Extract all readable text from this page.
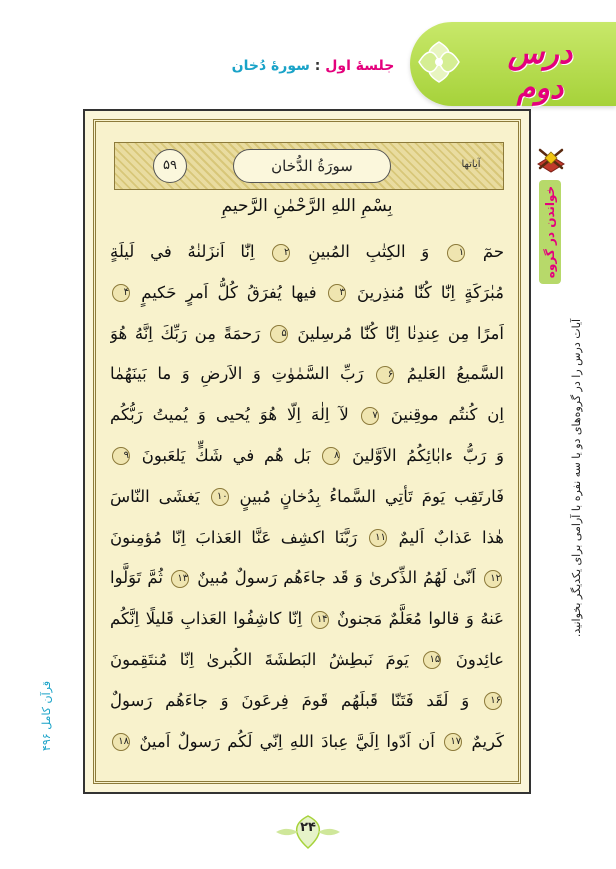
درس دوم
جلسهٔ اول : سورهٔ دُخان
۵۹	سورَةُ الدُّخان	آیاتها
بِسْمِ اللهِ الرَّحْمٰنِ الرَّحيمِ
حمٓ ۱ وَ الكِتٰبِ المُبينِ ۲ اِنّٰا اَنزَلنٰهُ في لَيلَةٍ
مُبٰرَكَةٍ اِنّٰا كُنّٰا مُنذِرينَ ۳ فيها يُفرَقُ كُلُّ اَمرٍ حَكيمٍ ۴
اَمرًا مِن عِندِنٰا اِنّٰا كُنّٰا مُرسِلينَ ۵ رَحمَةً مِن رَبِّكَ اِنَّهُ هُوَ
السَّميعُ العَليمُ ۶ رَبِّ السَّمٰوٰتِ وَ الاَرضِ وَ ما بَينَهُمٰا
اِن كُنتُم موقِنينَ ۷ لآ اِلٰهَ اِلّا هُوَ يُحيى وَ يُميتُ رَبُّكُم
وَ رَبُّ ءابٰائِكُمُ الاَوَّلينَ ۸ بَل هُم في شَكٍّ يَلعَبونَ ۹
فَارتَقِب يَومَ تَأتِي السَّماءُ بِدُخانٍ مُبينٍ ۱۰ يَغشَى النّاسَ
هٰذا عَذابٌ اَليمٌ ۱۱ رَبَّنَا اكشِف عَنَّا العَذابَ اِنّا مُؤمِنونَ
۱۲ اَنّىٰ لَهُمُ الذِّكرىٰ وَ قَد جاءَهُم رَسولٌ مُبينٌ ۱۳ ثُمَّ تَوَلَّوا
عَنهُ وَ قالوا مُعَلَّمٌ مَجنونٌ ۱۴ اِنّا كاشِفُوا العَذابِ قَليلًا اِنَّكُم
عائِدونَ ۱۵ يَومَ نَبطِشُ البَطشَةَ الكُبرىٰ اِنّا مُنتَقِمونَ
۱۶ وَ لَقَد فَتَنّا قَبلَهُم قَومَ فِرعَونَ وَ جاءَهُم رَسولٌ
كَريمٌ ۱۷ اَن اَدّوا اِلَيَّ عِبادَ اللهِ اِنّي لَكُم رَسولٌ اَمينٌ ۱۸
خواندن در گروه
آیات درس را در گروه‌های دو یا سه نفره با آرامی برای یکدیگر بخوانید.
قرآن کامل ۴۹۶
۲۴
